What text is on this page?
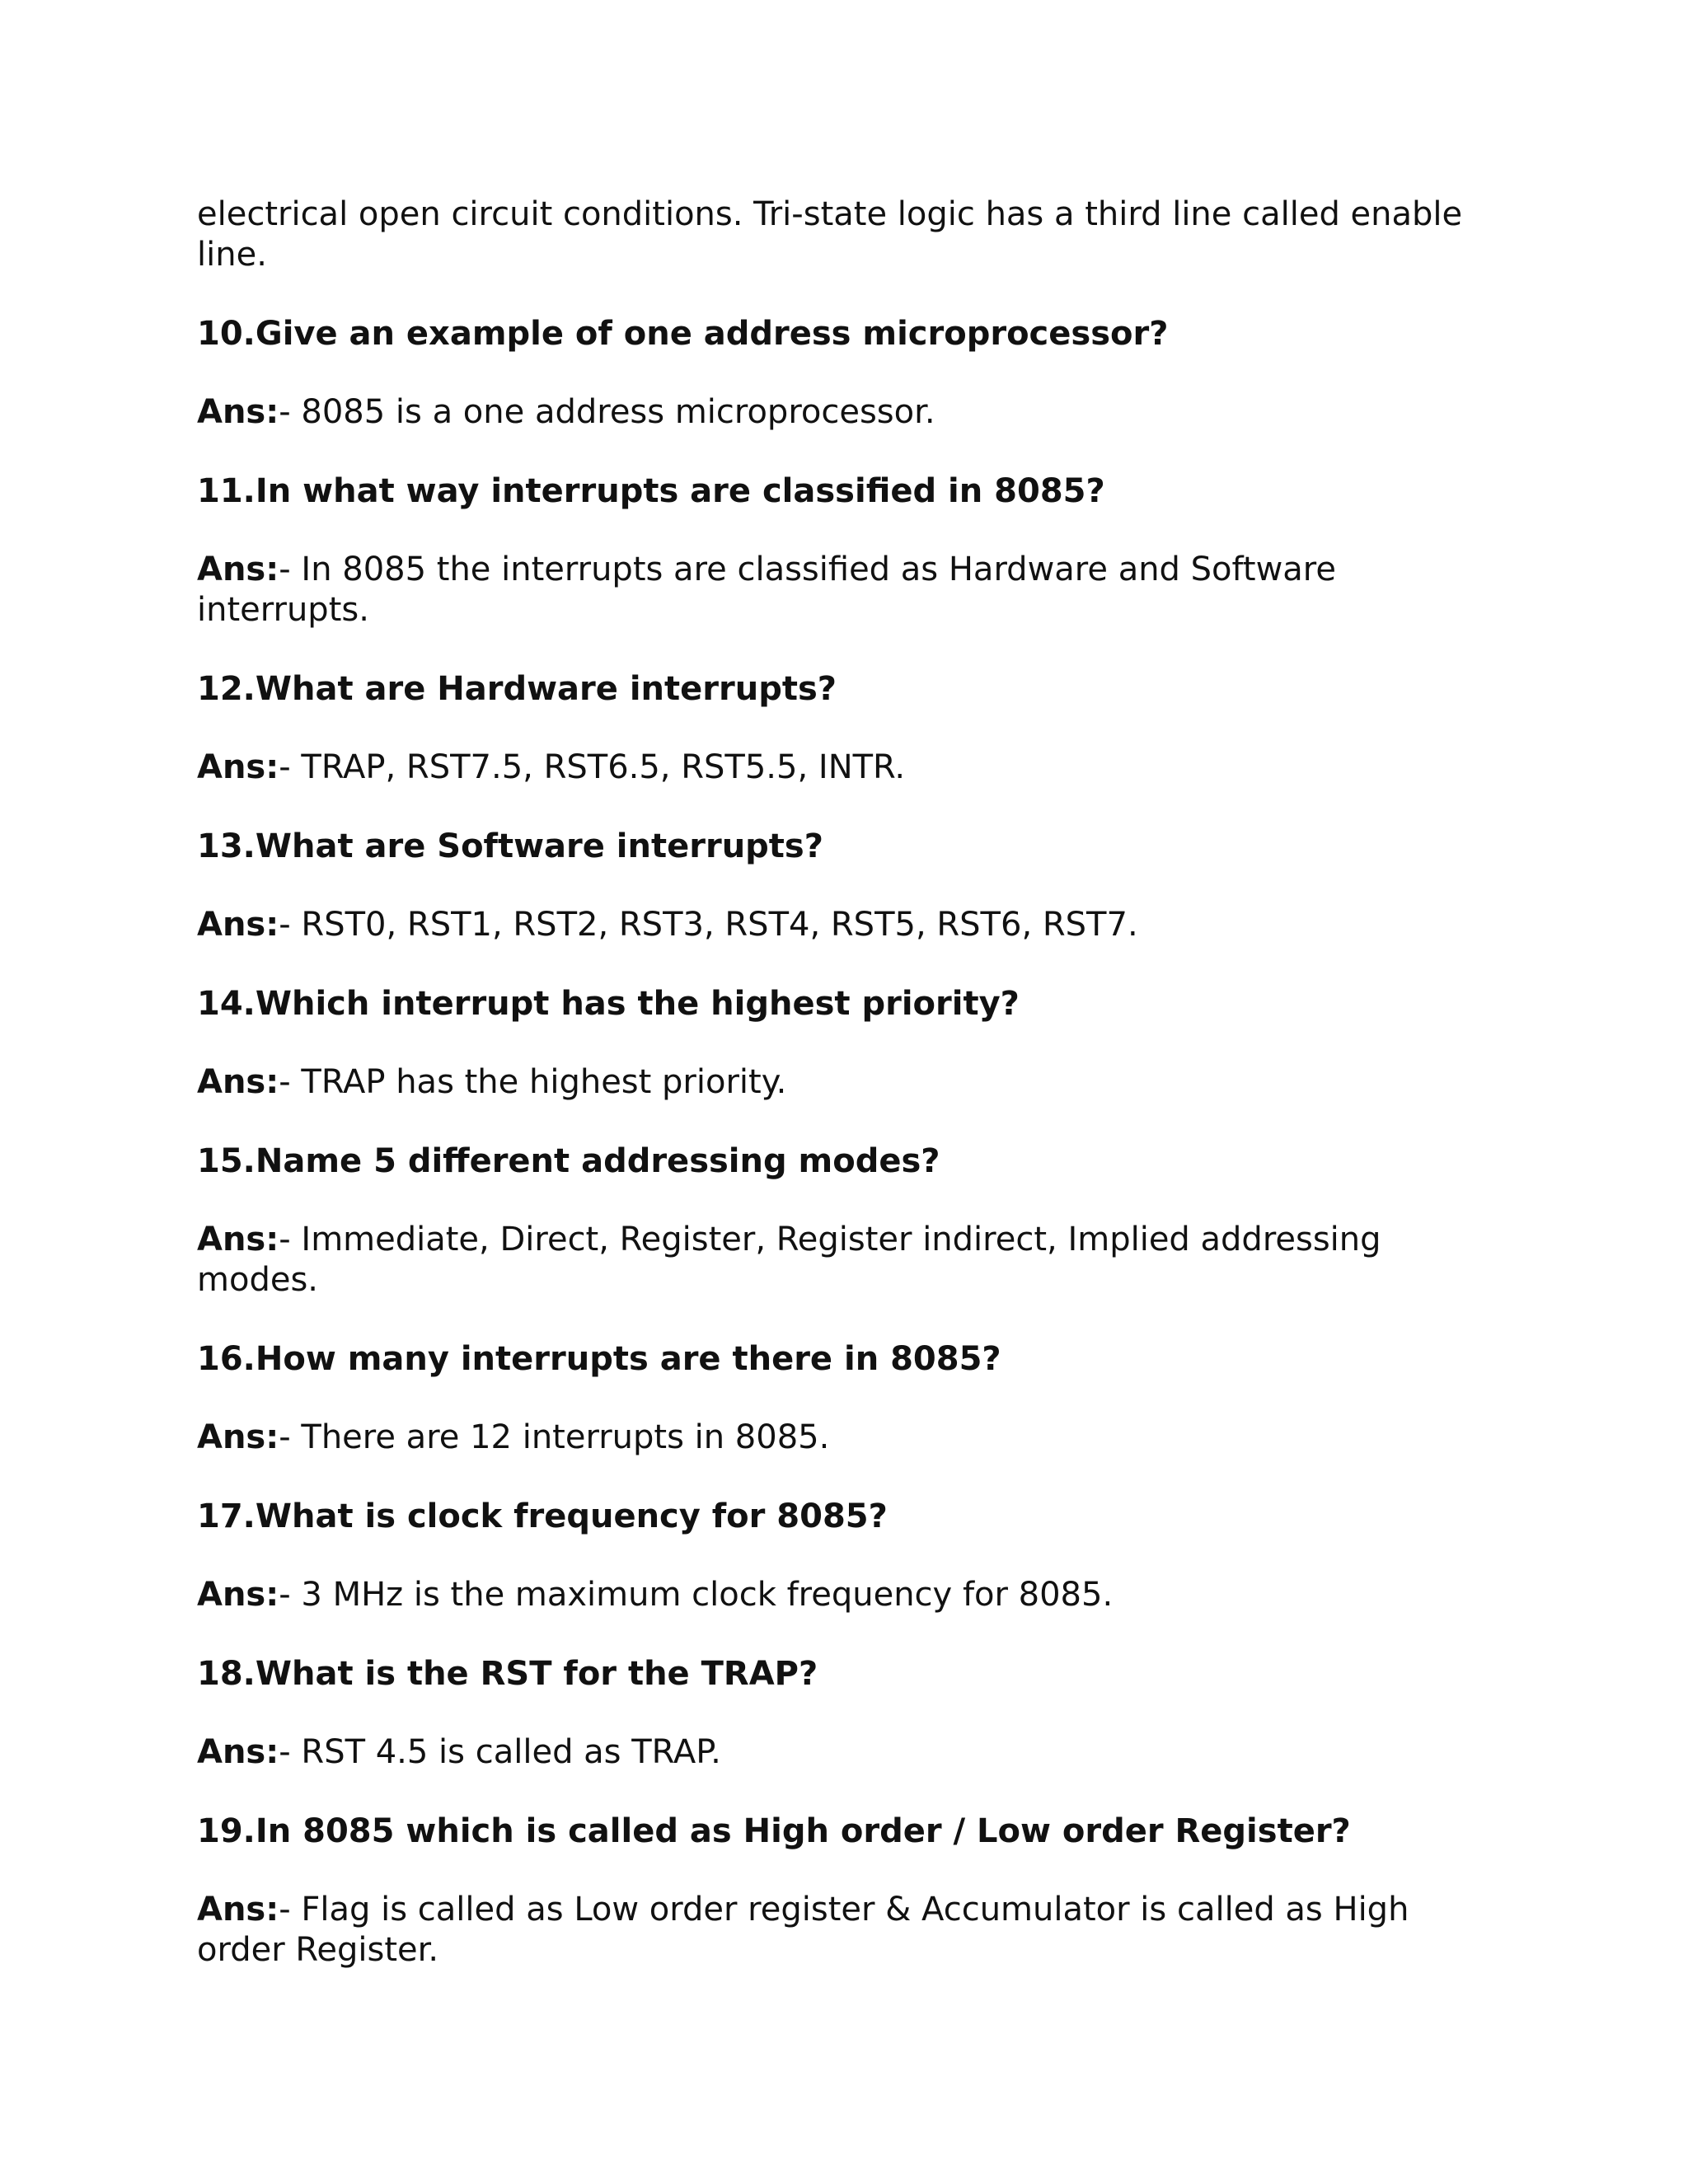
electrical open circuit conditions. Tri-state logic has a third line called enable line.

10.Give an example of one address microprocessor?

Ans:- 8085 is a one address microprocessor.

11.In what way interrupts are classified in 8085?

Ans:- In 8085 the interrupts are classified as Hardware and Software interrupts.

12.What are Hardware interrupts?

Ans:- TRAP, RST7.5, RST6.5, RST5.5, INTR.

13.What are Software interrupts?

Ans:- RST0, RST1, RST2, RST3, RST4, RST5, RST6, RST7.

14.Which interrupt has the highest priority?

Ans:- TRAP has the highest priority.

15.Name 5 different addressing modes?

Ans:- Immediate, Direct, Register, Register indirect, Implied addressing modes.

16.How many interrupts are there in 8085?

Ans:- There are 12 interrupts in 8085.

17.What is clock frequency for 8085?

Ans:- 3 MHz is the maximum clock frequency for 8085.

18.What is the RST for the TRAP?

Ans:- RST 4.5 is called as TRAP.

19.In 8085 which is called as High order / Low order Register?

Ans:- Flag is called as Low order register & Accumulator is called as High order Register.
